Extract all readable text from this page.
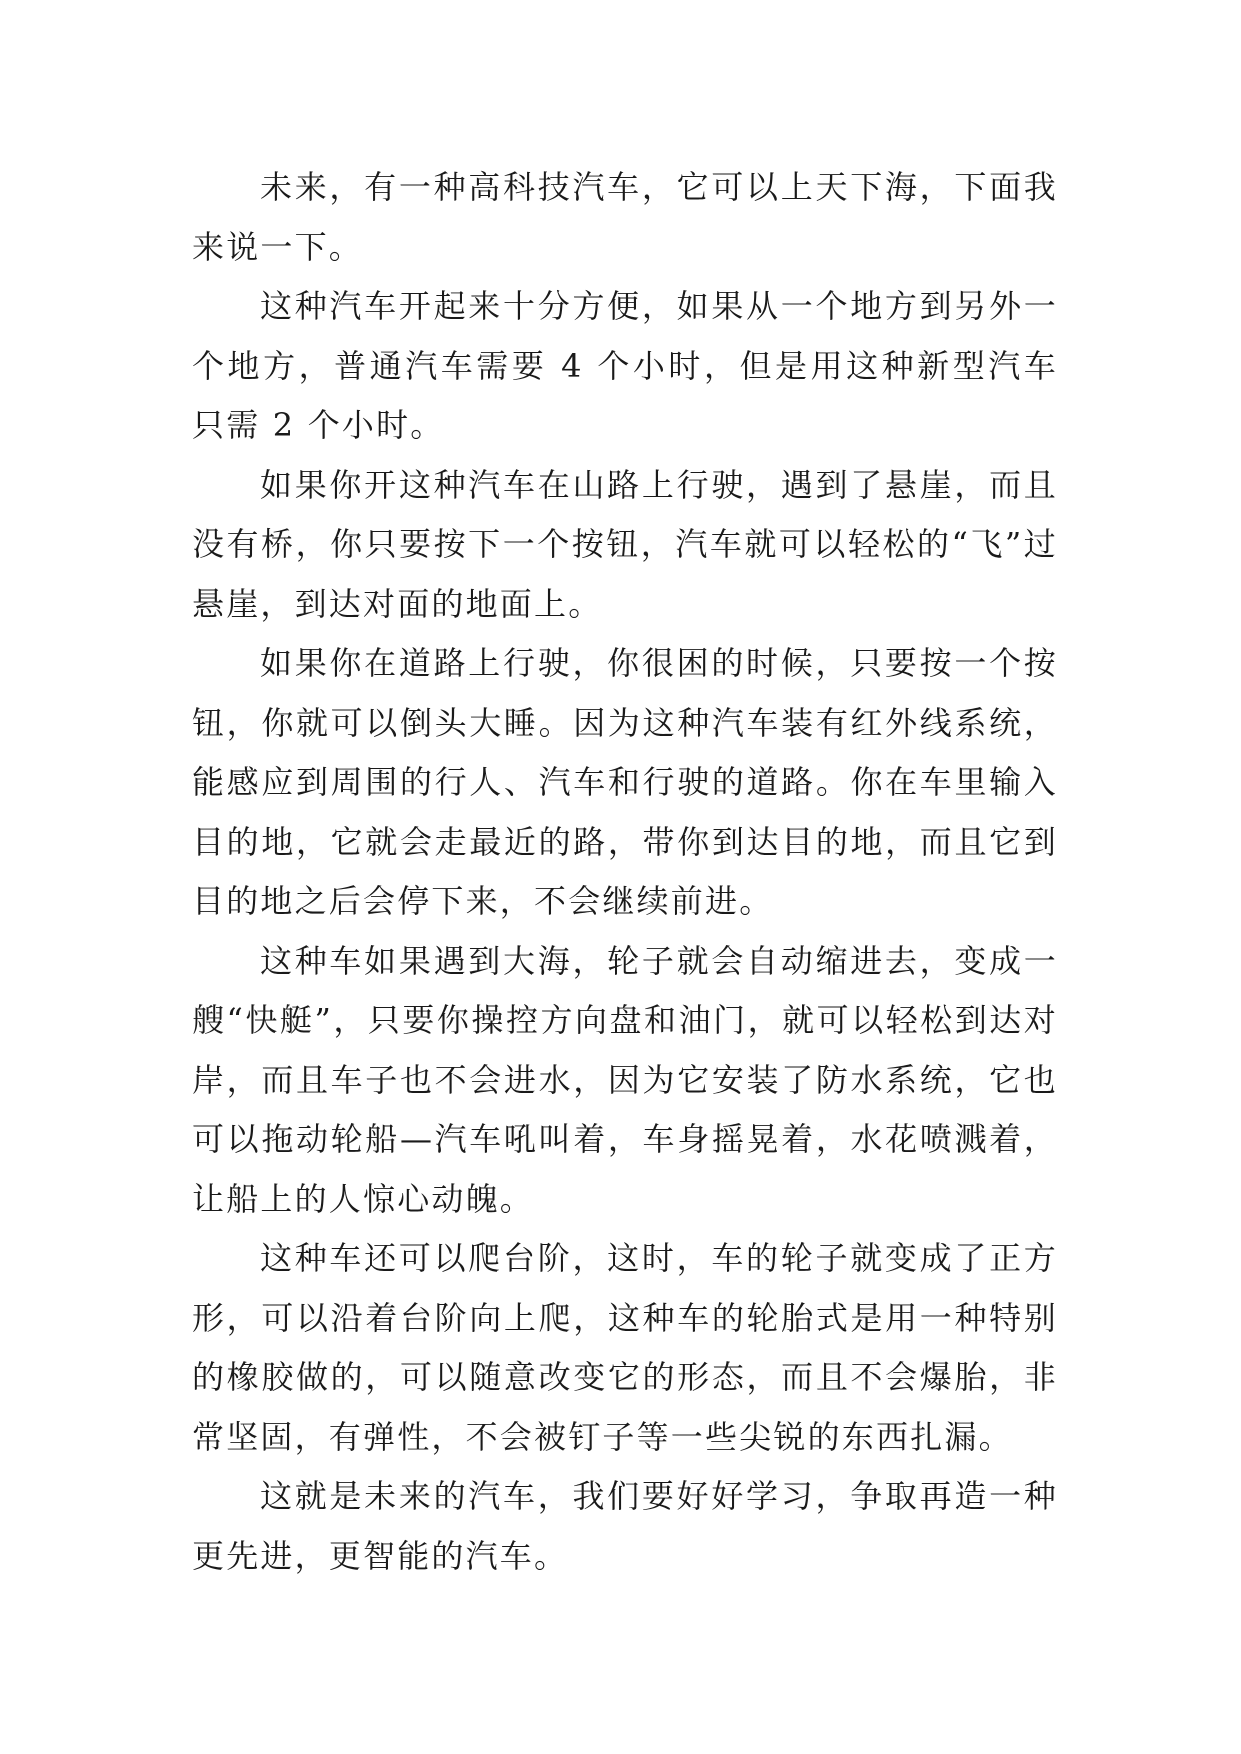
未来，有一种高科技汽车，它可以上天下海，下面我来说一下。

这种汽车开起来十分方便，如果从一个地方到另外一个地方，普通汽车需要 4 个小时，但是用这种新型汽车只需 2 个小时。

如果你开这种汽车在山路上行驶，遇到了悬崖，而且没有桥，你只要按下一个按钮，汽车就可以轻松的“飞”过悬崖，到达对面的地面上。

如果你在道路上行驶，你很困的时候，只要按一个按钮，你就可以倒头大睡。因为这种汽车装有红外线系统，能感应到周围的行人、汽车和行驶的道路。你在车里输入目的地，它就会走最近的路，带你到达目的地，而且它到目的地之后会停下来，不会继续前进。

这种车如果遇到大海，轮子就会自动缩进去，变成一艘“快艇”，只要你操控方向盘和油门，就可以轻松到达对岸，而且车子也不会进水，因为它安装了防水系统，它也可以拖动轮船—汽车吼叫着，车身摇晃着，水花喷溅着，让船上的人惊心动魄。

这种车还可以爬台阶，这时，车的轮子就变成了正方形，可以沿着台阶向上爬，这种车的轮胎式是用一种特别的橡胶做的，可以随意改变它的形态，而且不会爆胎，非常坚固，有弹性，不会被钉子等一些尖锐的东西扎漏。

这就是未来的汽车，我们要好好学习，争取再造一种更先进，更智能的汽车。
